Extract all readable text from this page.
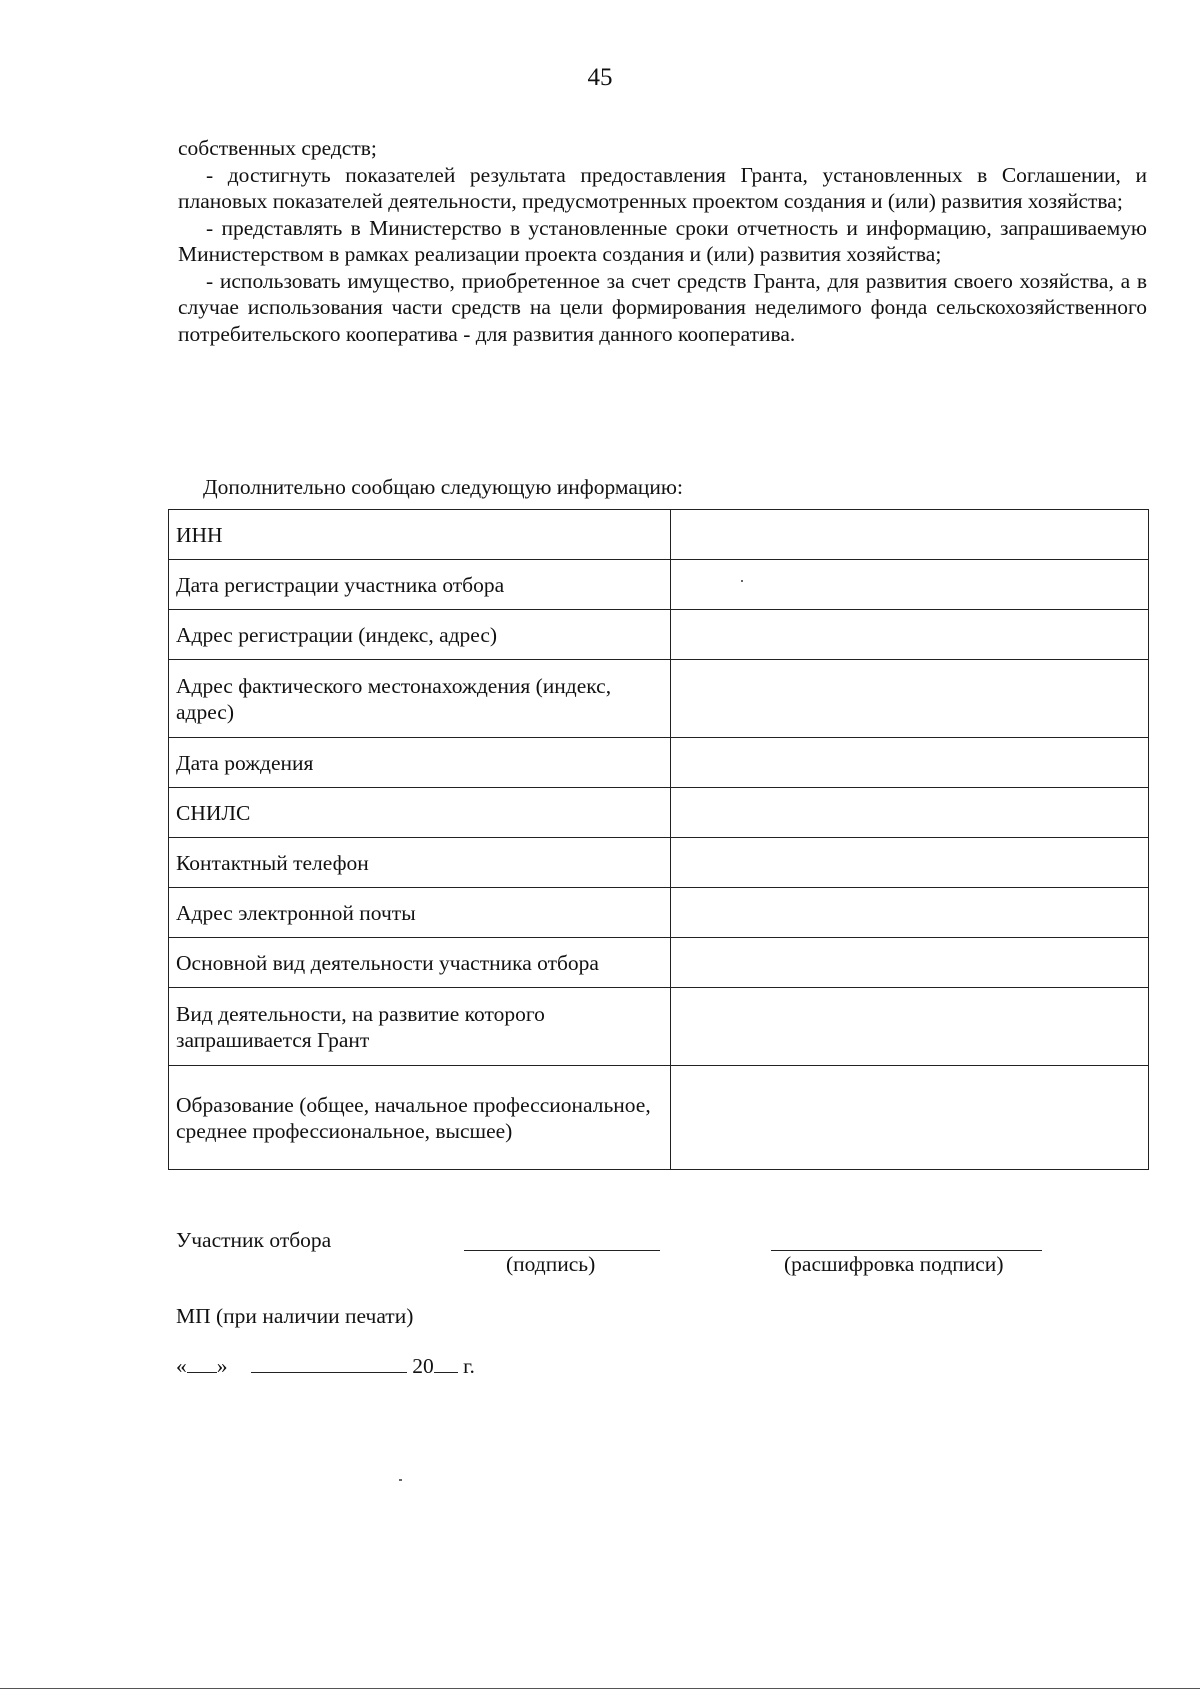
45

собственных средств;

- достигнуть показателей результата предоставления Гранта, установленных в Соглашении, и плановых показателей деятельности, предусмотренных проектом создания и (или) развития хозяйства;

- представлять в Министерство в установленные сроки отчетность и информацию, запрашиваемую Министерством в рамках реализации проекта создания и (или) развития хозяйства;

- использовать имущество, приобретенное за счет средств Гранта, для развития своего хозяйства, а в случае использования части средств на цели формирования неделимого фонда сельскохозяйственного потребительского кооператива - для развития данного кооператива.

Дополнительно сообщаю следующую информацию:
ИНН	
Дата регистрации участника отбора	
Адрес регистрации (индекс, адрес)	
Адрес фактического местонахождения (индекс, адрес)	
Дата рождения	
СНИЛС	
Контактный телефон	
Адрес электронной почты	
Основной вид деятельности участника отбора	
Вид деятельности, на развитие которого запрашивается Грант	
Образование (общее, начальное профессиональное, среднее профессиональное, высшее)	
Участник отбора
(подпись)	(расшифровка подписи)
МП (при наличии печати)
« »	20 г.
